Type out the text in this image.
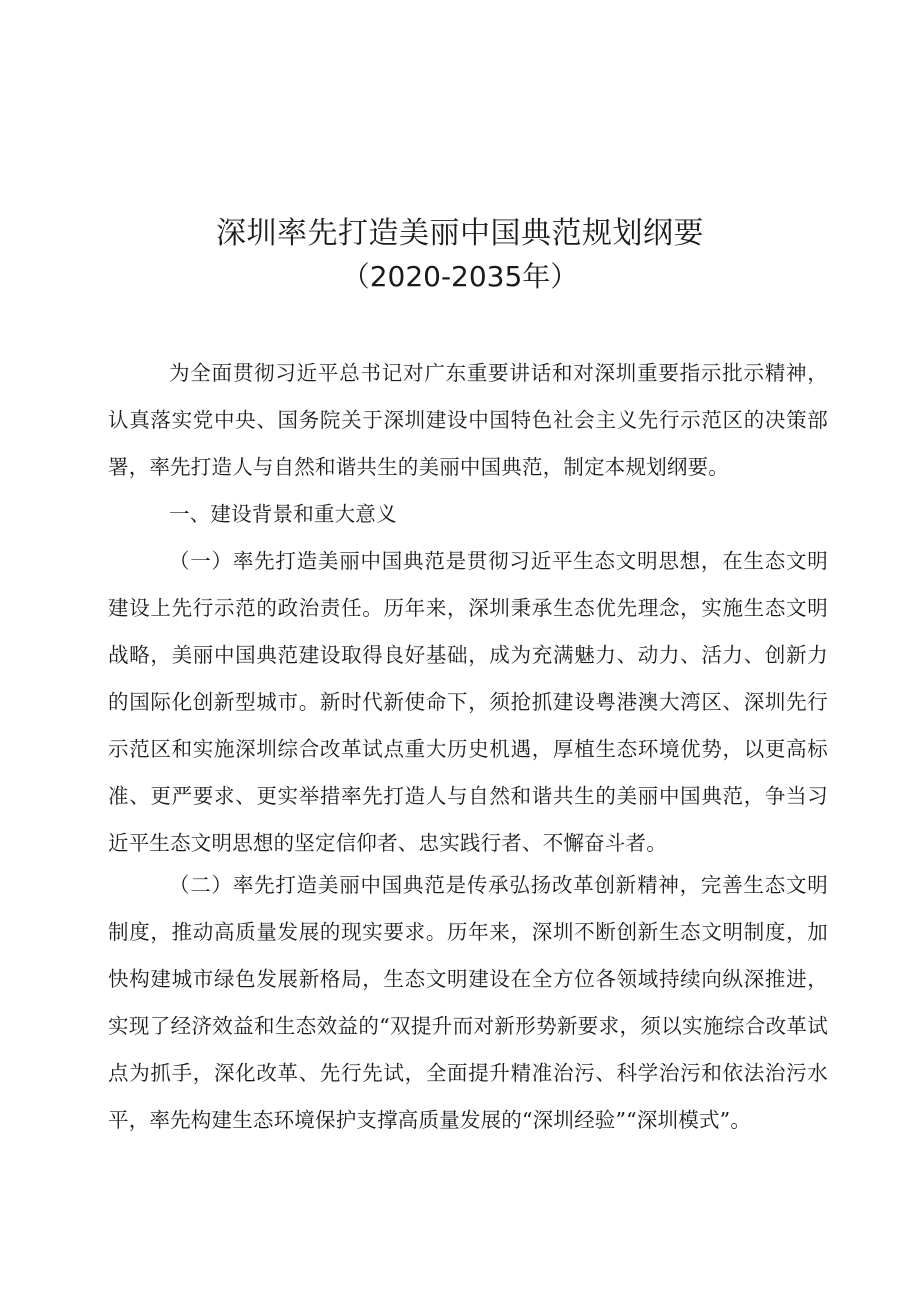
深圳率先打造美丽中国典范规划纲要
（2020-2035年）

为全面贯彻习近平总书记对广东重要讲话和对深圳重要指示批示精神，认真落实党中央、国务院关于深圳建设中国特色社会主义先行示范区的决策部署，率先打造人与自然和谐共生的美丽中国典范，制定本规划纲要。

一、建设背景和重大意义

（一）率先打造美丽中国典范是贯彻习近平生态文明思想，在生态文明建设上先行示范的政治责任。历年来，深圳秉承生态优先理念，实施生态文明战略，美丽中国典范建设取得良好基础，成为充满魅力、动力、活力、创新力的国际化创新型城市。新时代新使命下，须抢抓建设粤港澳大湾区、深圳先行示范区和实施深圳综合改革试点重大历史机遇，厚植生态环境优势，以更高标准、更严要求、更实举措率先打造人与自然和谐共生的美丽中国典范，争当习近平生态文明思想的坚定信仰者、忠实践行者、不懈奋斗者。

（二）率先打造美丽中国典范是传承弘扬改革创新精神，完善生态文明制度，推动高质量发展的现实要求。历年来，深圳不断创新生态文明制度，加快构建城市绿色发展新格局，生态文明建设在全方位各领域持续向纵深推进，实现了经济效益和生态效益的“双提升而对新形势新要求，须以实施综合改革试点为抓手，深化改革、先行先试，全面提升精准治污、科学治污和依法治污水平，率先构建生态环境保护支撑高质量发展的“深圳经验”“深圳模式”。
